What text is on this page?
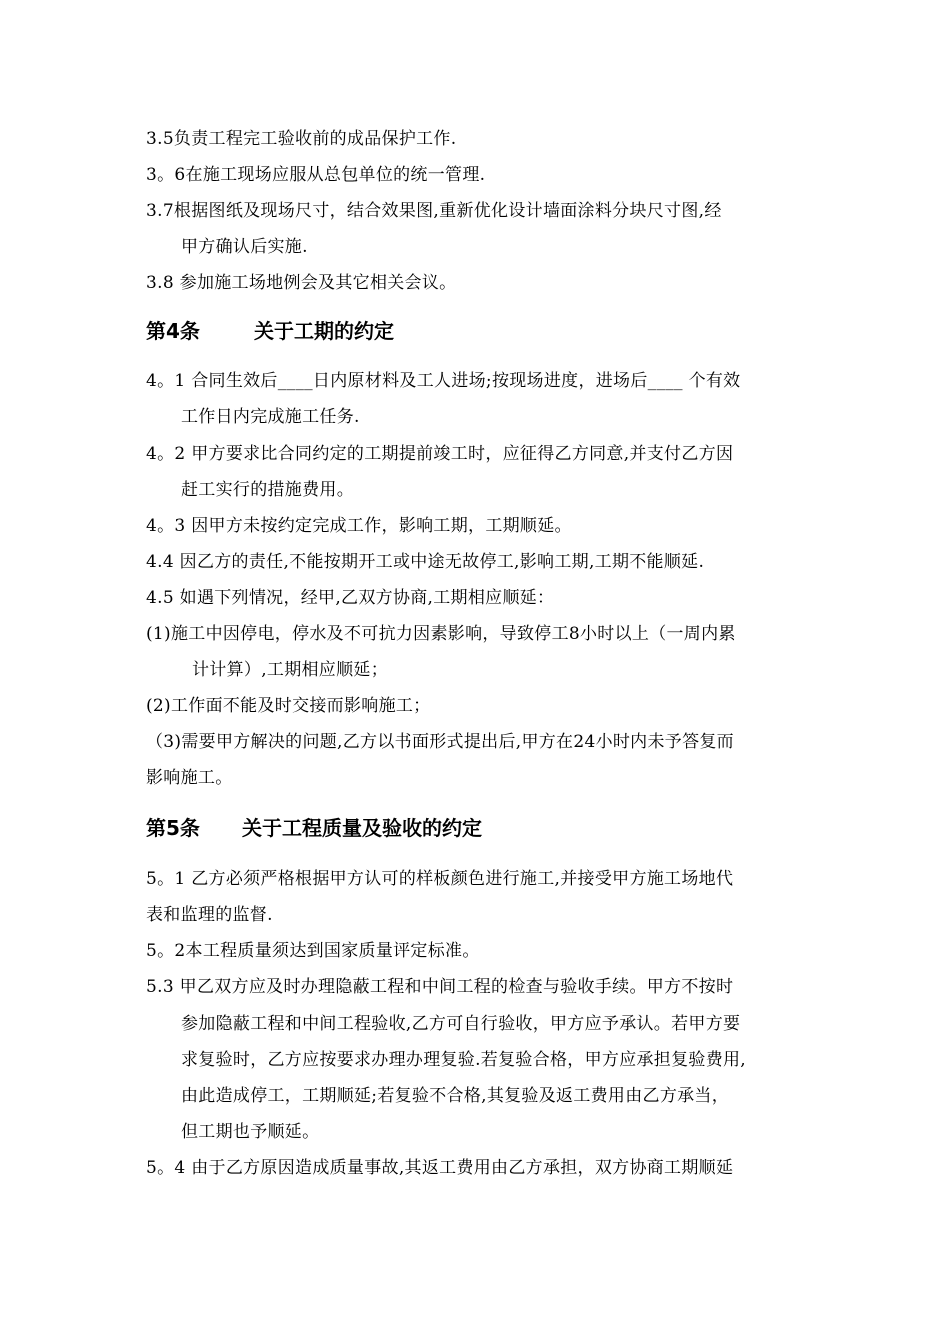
3.5负责工程完工验收前的成品保护工作.
3。6在施工现场应服从总包单位的统一管理.
3.7根据图纸及现场尺寸，结合效果图,重新优化设计墙面涂料分块尺寸图,经
甲方确认后实施.
3.8 参加施工场地例会及其它相关会议。
第4条	关于工期的约定
4。1 合同生效后____日内原材料及工人进场;按现场进度，进场后____ 个有效
工作日内完成施工任务.
4。2 甲方要求比合同约定的工期提前竣工时，应征得乙方同意,并支付乙方因
赶工实行的措施费用。
4。3 因甲方未按约定完成工作，影响工期，工期顺延。
4.4 因乙方的责任,不能按期开工或中途无故停工,影响工期,工期不能顺延.
4.5 如遇下列情况，经甲,乙双方协商,工期相应顺延：
(1)施工中因停电，停水及不可抗力因素影响，导致停工8小时以上（一周内累
计计算）,工期相应顺延；
(2)工作面不能及时交接而影响施工；
（3)需要甲方解决的问题,乙方以书面形式提出后,甲方在24小时内未予答复而
影响施工。
第5条 关于工程质量及验收的约定
5。1 乙方必须严格根据甲方认可的样板颜色进行施工,并接受甲方施工场地代
表和监理的监督.
5。2本工程质量须达到国家质量评定标准。
5.3 甲乙双方应及时办理隐蔽工程和中间工程的检查与验收手续。甲方不按时
参加隐蔽工程和中间工程验收,乙方可自行验收，甲方应予承认。若甲方要
求复验时，乙方应按要求办理办理复验.若复验合格，甲方应承担复验费用,
由此造成停工，工期顺延;若复验不合格,其复验及返工费用由乙方承当，
但工期也予顺延。
5。4 由于乙方原因造成质量事故,其返工费用由乙方承担，双方协商工期顺延
